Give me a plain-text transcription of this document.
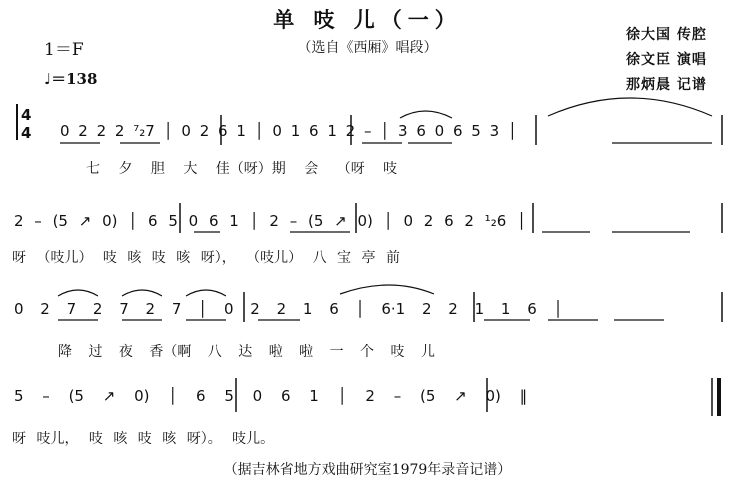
单 吱 儿（一）
（选自《西厢》唱段）
1＝F
♩＝138
徐大国 传腔
徐文臣 演唱
那炳晨 记谱
4
4 0 2 2 2 ⁷₂7 │ 0 2 6 1 │ 0 1 6 1 2 – │ 3 6 0 6 5 3 │
七 夕 胆 大 佳（呀）期 会 （呀 吱
2 – (5 ↗ 0) │ 6 5 0 6 1 │ 2 – (5 ↗ 0) │ 0 2 6 2 ¹₂6 │
呀 （吱儿） 吱 咳 吱 咳 呀）， （吱儿） 八 宝 亭 前
0 2 7 2 7 2 7 │ 0 2 2 1 6 │ 6·1 2 2 1 1 6 │
降 过 夜 香（啊 八 达 啦 啦 一 个 吱 儿
5 – (5 ↗ 0) │ 6 5 0 6 1 │ 2 – (5 ↗ 0) ‖
呀 吱儿， 吱 咳 吱 咳 呀）。 吱儿。
（据吉林省地方戏曲研究室1979年录音记谱）
